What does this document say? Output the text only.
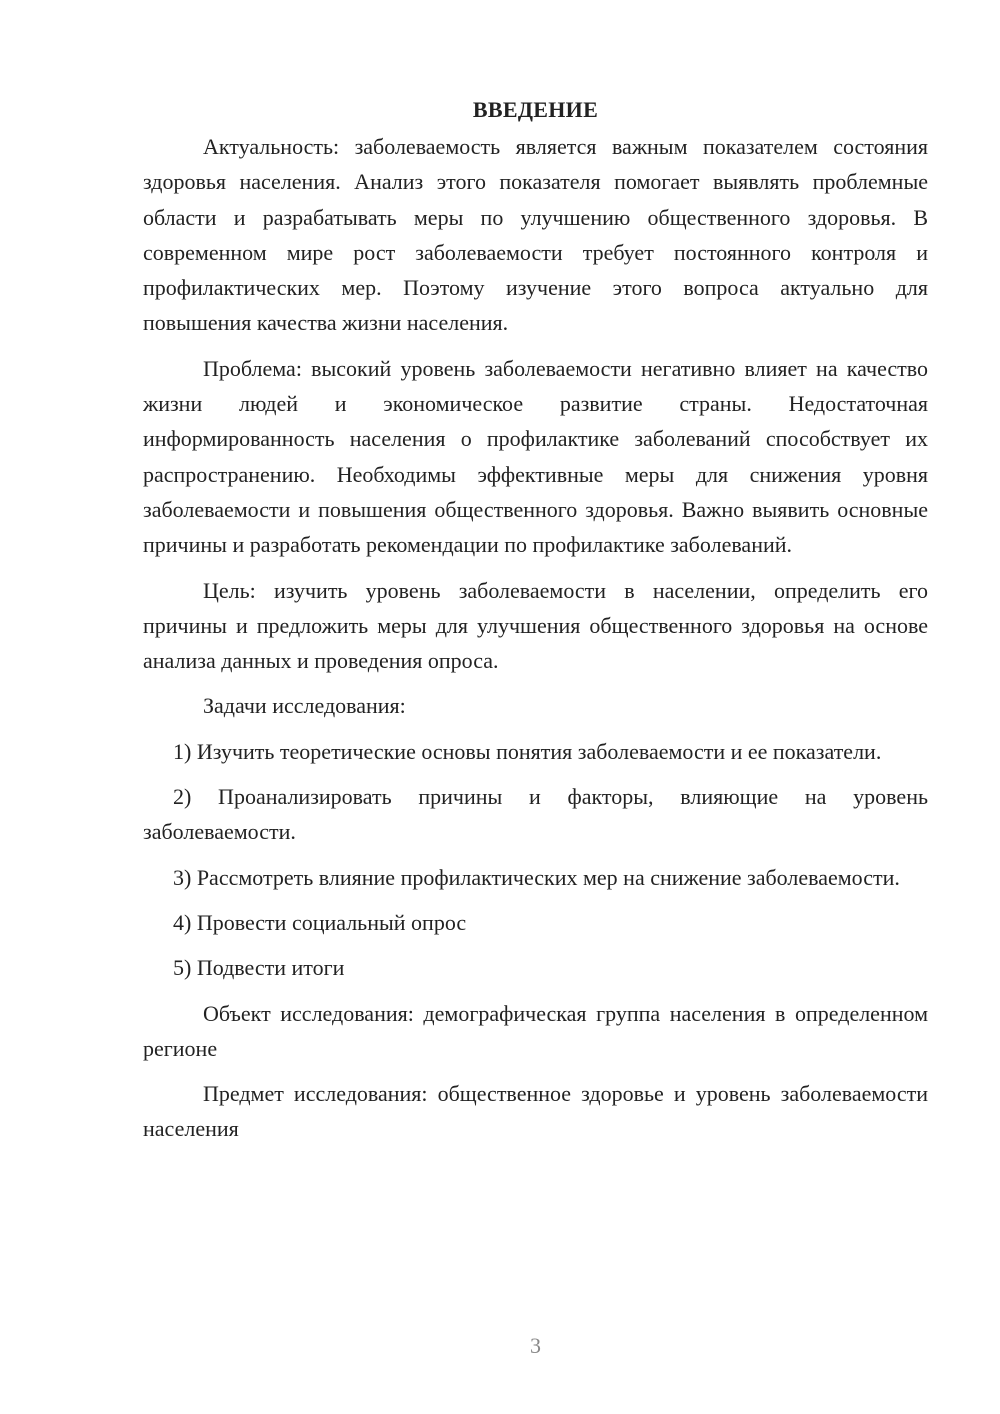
ВВЕДЕНИЕ

Актуальность: заболеваемость является важным показателем состояния здоровья населения. Анализ этого показателя помогает выявлять проблемные области и разрабатывать меры по улучшению общественного здоровья. В современном мире рост заболеваемости требует постоянного контроля и профилактических мер. Поэтому изучение этого вопроса актуально для повышения качества жизни населения.

Проблема: высокий уровень заболеваемости негативно влияет на качество жизни людей и экономическое развитие страны. Недостаточная информированность населения о профилактике заболеваний способствует их распространению. Необходимы эффективные меры для снижения уровня заболеваемости и повышения общественного здоровья. Важно выявить основные причины и разработать рекомендации по профилактике заболеваний.

Цель: изучить уровень заболеваемости в населении, определить его причины и предложить меры для улучшения общественного здоровья на основе анализа данных и проведения опроса.

Задачи исследования:

1) Изучить теоретические основы понятия заболеваемости и ее показатели.

2) Проанализировать причины и факторы, влияющие на уровень заболеваемости.

3) Рассмотреть влияние профилактических мер на снижение заболеваемости.

4) Провести социальный опрос

5) Подвести итоги

Объект исследования: демографическая группа населения в определенном регионе

Предмет исследования: общественное здоровье и уровень заболеваемости населения

3
